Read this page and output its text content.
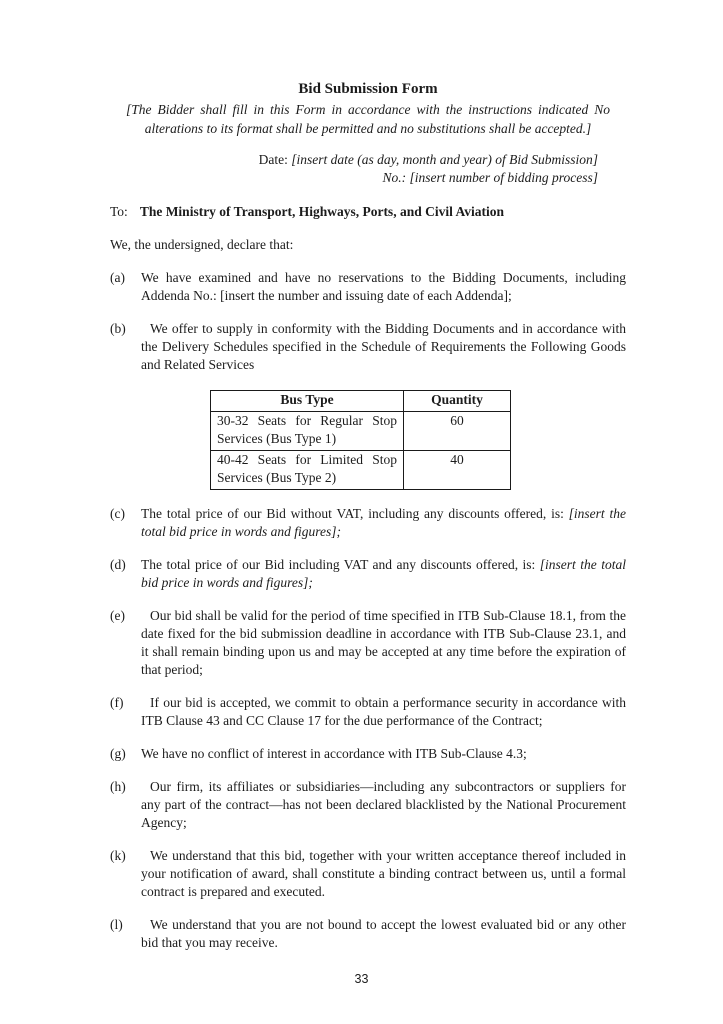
Bid Submission Form

[The Bidder shall fill in this Form in accordance with the instructions indicated No alterations to its format shall be permitted and no substitutions shall be accepted.]

Date: [insert date (as day, month and year) of Bid Submission]
No.: [insert number of bidding process]

To: The Ministry of Transport, Highways, Ports, and Civil Aviation

We, the undersigned, declare that:

(a) We have examined and have no reservations to the Bidding Documents, including Addenda No.: [insert the number and issuing date of each Addenda];
(b) We offer to supply in conformity with the Bidding Documents and in accordance with the Delivery Schedules specified in the Schedule of Requirements the Following Goods and Related Services
Bus Type	Quantity
30-32 Seats for Regular Stop Services (Bus Type 1)	60
40-42 Seats for Limited Stop Services (Bus Type 2)	40
(c) The total price of our Bid without VAT, including any discounts offered, is: [insert the total bid price in words and figures];
(d) The total price of our Bid including VAT and any discounts offered, is: [insert the total bid price in words and figures];
(e) Our bid shall be valid for the period of time specified in ITB Sub-Clause 18.1, from the date fixed for the bid submission deadline in accordance with ITB Sub-Clause 23.1, and it shall remain binding upon us and may be accepted at any time before the expiration of that period;
(f) If our bid is accepted, we commit to obtain a performance security in accordance with ITB Clause 43 and CC Clause 17 for the due performance of the Contract;
(g) We have no conflict of interest in accordance with ITB Sub-Clause 4.3;
(h) Our firm, its affiliates or subsidiaries—including any subcontractors or suppliers for any part of the contract—has not been declared blacklisted by the National Procurement Agency;
(k) We understand that this bid, together with your written acceptance thereof included in your notification of award, shall constitute a binding contract between us, until a formal contract is prepared and executed.
(l) We understand that you are not bound to accept the lowest evaluated bid or any other bid that you may receive.
33
